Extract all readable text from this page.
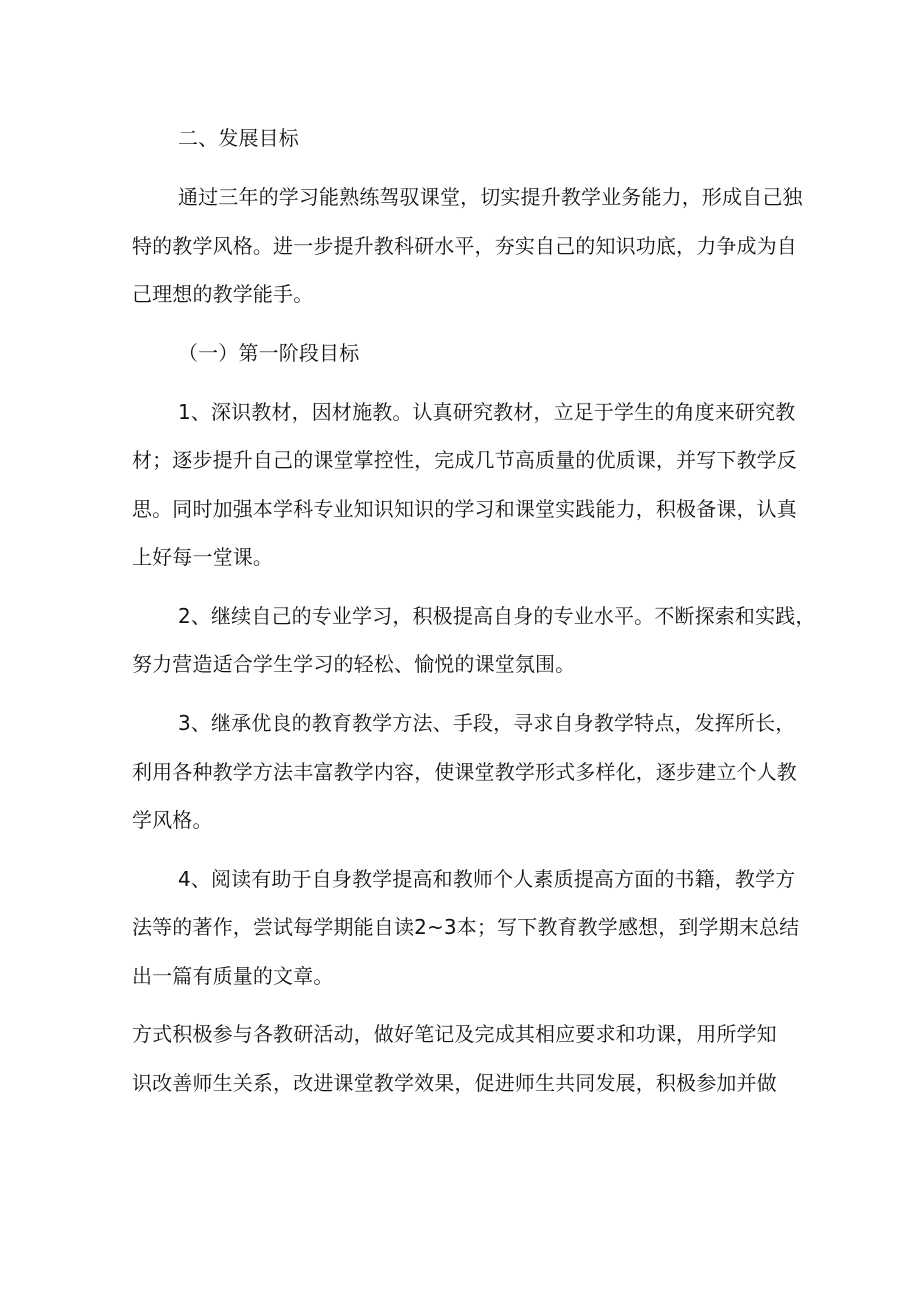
二、发展目标
通过三年的学习能熟练驾驭课堂，切实提升教学业务能力，形成自己独
特的教学风格。进一步提升教科研水平，夯实自己的知识功底，力争成为自
己理想的教学能手。
（一）第一阶段目标
1、深识教材，因材施教。认真研究教材，立足于学生的角度来研究教
材；逐步提升自己的课堂掌控性，完成几节高质量的优质课，并写下教学反
思。同时加强本学科专业知识知识的学习和课堂实践能力，积极备课，认真
上好每一堂课。
2、继续自己的专业学习，积极提高自身的专业水平。不断探索和实践，
努力营造适合学生学习的轻松、愉悦的课堂氛围。
3、继承优良的教育教学方法、手段，寻求自身教学特点，发挥所长，
利用各种教学方法丰富教学内容，使课堂教学形式多样化，逐步建立个人教
学风格。
4、阅读有助于自身教学提高和教师个人素质提高方面的书籍，教学方
法等的著作，尝试每学期能自读2~3本；写下教育教学感想，到学期末总结
出一篇有质量的文章。
方式积极参与各教研活动，做好笔记及完成其相应要求和功课，用所学知
识改善师生关系，改进课堂教学效果，促进师生共同发展，积极参加并做
